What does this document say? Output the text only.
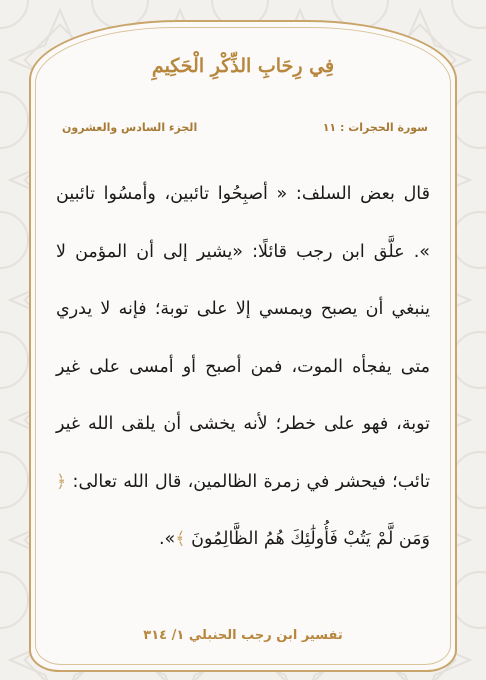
فِي رِحَابِ الذِّكْرِ الْحَكِيمِ
سورة الحجرات : ١١
الجزء السادس والعشرون
قال بعض السلف: « أصبِحُوا تائبين، وأمسُوا تائبين ». علَّق ابن رجب قائلًا: «يشير إلى أن المؤمن لا ينبغي أن يصبح ويمسي إلا على توبة؛ فإنه لا يدري متى يفجأه الموت، فمن أصبح أو أمسى على غير توبة، فهو على خطر؛ لأنه يخشى أن يلقى الله غير تائب؛ فيحشر في زمرة الظالمين، قال الله تعالى: ﴿ وَمَن لَّمْ يَتُبْ فَأُولَٰئِكَ هُمُ الظَّالِمُونَ ﴾».
تفسير ابن رجب الحنبلي ١/ ٣١٤
